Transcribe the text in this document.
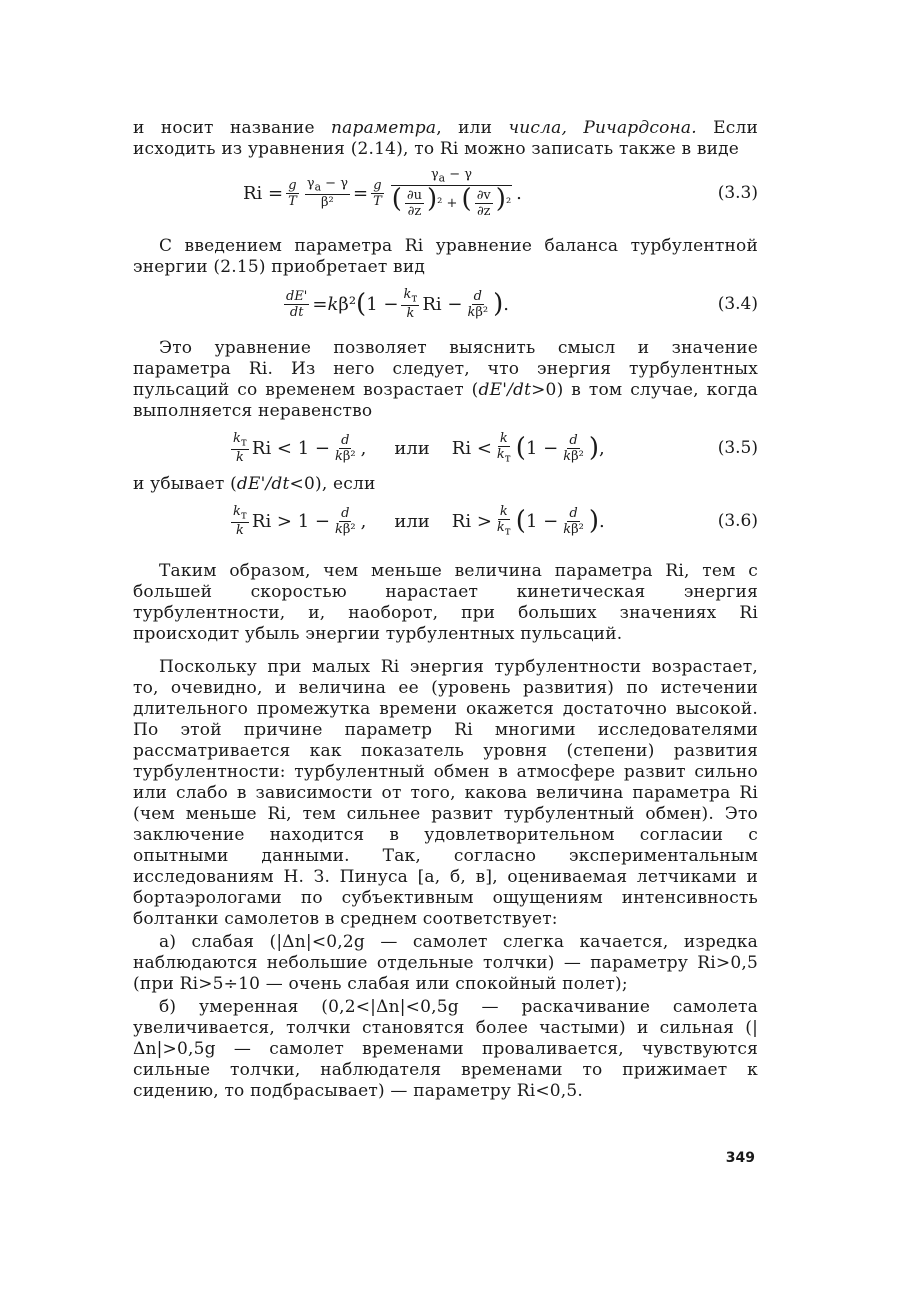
и носит название параметра, или числа, Ричардсона. Если исходить из уравнения (2.14), то Ri можно записать также в виде

$Ri = \frac{g}{T} \frac{\gamma_a - \gamma}{\text{β²}} = \frac{g}{T} \frac{\gamma_a - \gamma}{( \frac{\partial u}{\partial z} )^2 + ( \frac{\partial v}{\partial z} )^2}$ .	(3.3)

С введением параметра Ri уравнение баланса турбулентной энергии (2.15) приобретает вид

$\frac{dE'}{dt} = k$ β² ( $1 - \frac{k_т}{k}$ $Ri - \frac{d}{\text{kβ²}}$ ) .	(3.4)

Это уравнение позволяет выяснить смысл и значение параметра Ri. Из него следует, что энергия турбулентных пульсаций со временем возрастает (dE'/dt>0) в том случае, когда выполняется неравенство

$\frac{k_т}{k}$ $Ri < 1 - \frac{d}{\text{kβ²}}$ , или $Ri < \frac{k}{k_т}$ ( $1 - \frac{d}{\text{kβ²}}$ ) ,	(3.5)

и убывает (dE'/dt<0), если

$\frac{k_т}{k}$ $Ri > 1 - \frac{d}{\text{kβ²}}$ , или $Ri > \frac{k}{k_т}$ ( $1 - \frac{d}{\text{kβ²}}$ ) .	(3.6)

Таким образом, чем меньше величина параметра Ri, тем с большей скоростью нарастает кинетическая энергия турбулентности, и, наоборот, при больших значениях Ri происходит убыль энергии турбулентных пульсаций.

Поскольку при малых Ri энергия турбулентности возрастает, то, очевидно, и величина ее (уровень развития) по истечении длительного промежутка времени окажется достаточно высокой. По этой причине параметр Ri многими исследователями рассматривается как показатель уровня (степени) развития турбулентности: турбулентный обмен в атмосфере развит сильно или слабо в зависимости от того, какова величина параметра Ri (чем меньше Ri, тем сильнее развит турбулентный обмен). Это заключение находится в удовлетворительном согласии с опытными данными. Так, согласно экспериментальным исследованиям Н. З. Пинуса [а, б, в], оцениваемая летчиками и бортаэрологами по субъективным ощущениям интенсивность болтанки самолетов в среднем соответствует:

а) слабая (|Δn|<0,2g — самолет слегка качается, изредка наблюдаются небольшие отдельные толчки) — параметру Ri>0,5 (при Ri>5÷10 — очень слабая или спокойный полет);

б) умеренная (0,2<|Δn|<0,5g — раскачивание самолета увеличивается, толчки становятся более частыми) и сильная (|Δn|>0,5g — самолет временами проваливается, чувствуются сильные толчки, наблюдателя временами то прижимает к сидению, то подбрасывает) — параметру Ri<0,5.

349
